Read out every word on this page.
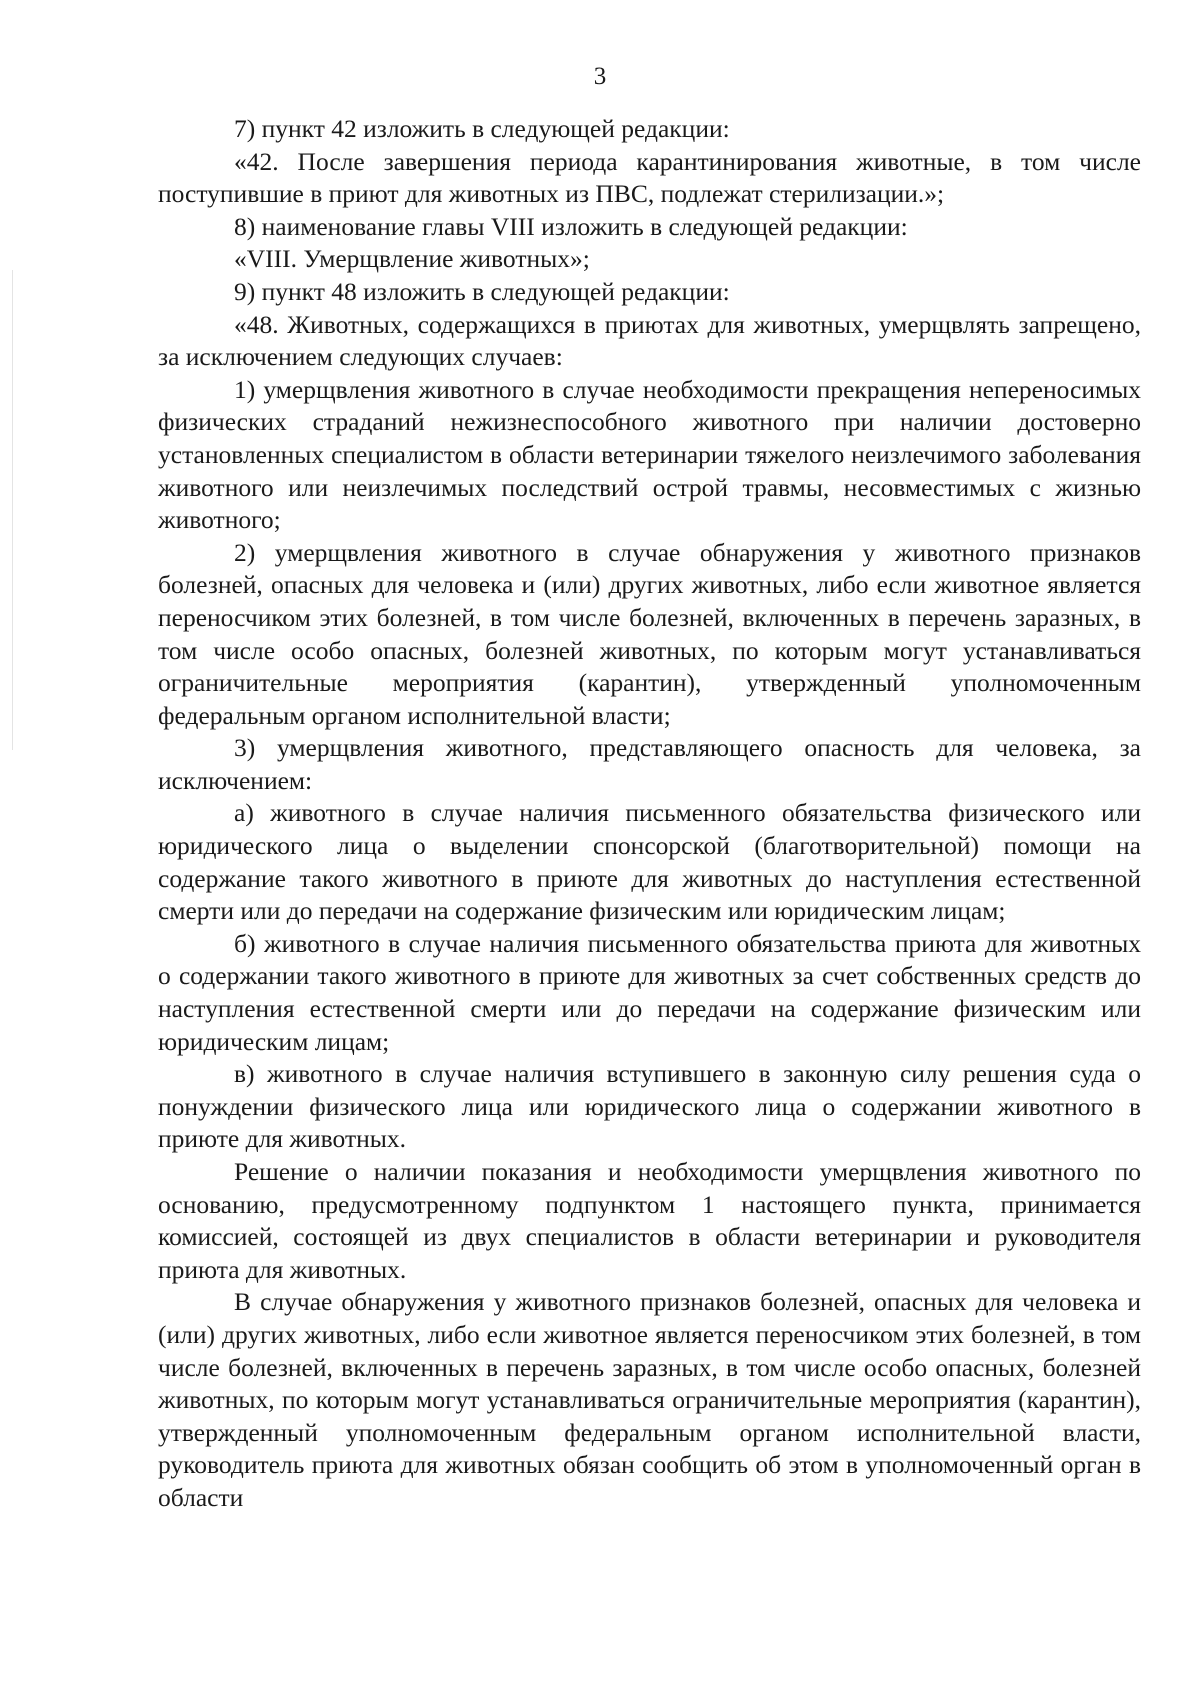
3

7) пункт 42 изложить в следующей редакции:

«42. После завершения периода карантинирования животные, в том числе поступившие в приют для животных из ПВС, подлежат стерилизации.»;

8) наименование главы VIII изложить в следующей редакции:

«VIII. Умерщвление животных»;

9) пункт 48 изложить в следующей редакции:

«48. Животных, содержащихся в приютах для животных, умерщвлять запрещено, за исключением следующих случаев:

1) умерщвления животного в случае необходимости прекращения непереносимых физических страданий нежизнеспособного животного при наличии достоверно установленных специалистом в области ветеринарии тяжелого неизлечимого заболевания животного или неизлечимых последствий острой травмы, несовместимых с жизнью животного;

2) умерщвления животного в случае обнаружения у животного признаков болезней, опасных для человека и (или) других животных, либо если животное является переносчиком этих болезней, в том числе болезней, включенных в перечень заразных, в том числе особо опасных, болезней животных, по которым могут устанавливаться ограничительные мероприятия (карантин), утвержденный уполномоченным федеральным органом исполнительной власти;

3) умерщвления животного, представляющего опасность для человека, за исключением:

а) животного в случае наличия письменного обязательства физического или юридического лица о выделении спонсорской (благотворительной) помощи на содержание такого животного в приюте для животных до наступления естественной смерти или до передачи на содержание физическим или юридическим лицам;

б) животного в случае наличия письменного обязательства приюта для животных о содержании такого животного в приюте для животных за счет собственных средств до наступления естественной смерти или до передачи на содержание физическим или юридическим лицам;

в) животного в случае наличия вступившего в законную силу решения суда о понуждении физического лица или юридического лица о содержании животного в приюте для животных.

Решение о наличии показания и необходимости умерщвления животного по основанию, предусмотренному подпунктом 1 настоящего пункта, принимается комиссией, состоящей из двух специалистов в области ветеринарии и руководителя приюта для животных.

В случае обнаружения у животного признаков болезней, опасных для человека и (или) других животных, либо если животное является переносчиком этих болезней, в том числе болезней, включенных в перечень заразных, в том числе особо опасных, болезней животных, по которым могут устанавливаться ограничительные мероприятия (карантин), утвержденный уполномоченным федеральным органом исполнительной власти, руководитель приюта для животных обязан сообщить об этом в уполномоченный орган в области
